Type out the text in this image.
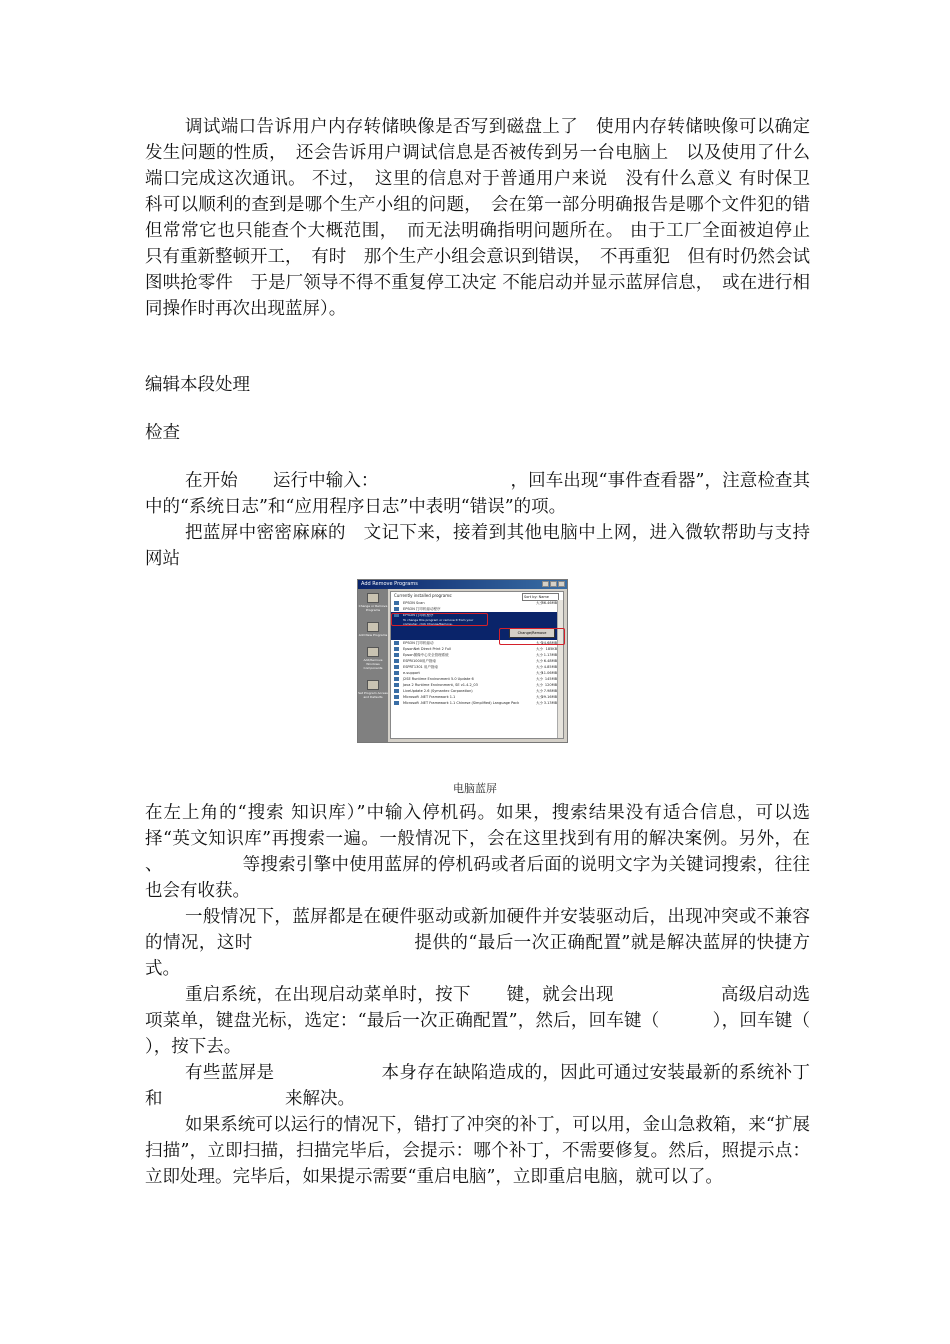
调试端口告诉用户内存转储映像是否写到磁盘上了　使用内存转储映像可以确定发生问题的性质，　还会告诉用户调试信息是否被传到另一台电脑上　以及使用了什么端口完成这次通讯。 不过，　这里的信息对于普通用户来说　没有什么意义 有时保卫科可以顺利的查到是哪个生产小组的问题，　会在第一部分明确报告是哪个文件犯的错　但常常它也只能查个大概范围，　而无法明确指明问题所在。 由于工厂全面被迫停止　只有重新整顿开工，　有时　那个生产小组会意识到错误，　不再重犯　但有时仍然会试图哄抢零件　于是厂领导不得不重复停工决定 不能启动并显示蓝屏信息，　或在进行相同操作时再次出现蓝屏）。

编辑本段处理

检查

在开始　　运行中输入：　　　　　　　　，回车出现“事件查看器”，注意检查其中的“系统日志”和“应用程序日志”中表明“错误”的项。

把蓝屏中密密麻麻的　文记下来，接着到其他电脑中上网，进入微软帮助与支持网站

Add Remove Programs
Change or Remove Programs
Add New Programs
Add/Remove Windows Components
Set Program Access and Defaults
Currently installed programs:	Sort by: Name
EPSON Scan	大小
36.46MB
EPSON 打印机驱动程序
EPSON 打印机程序
To change this program or remove it from your computer, click Change/Remove.
Change/Remove
EPSON 打印机驱动	大小
24.68MB
EpsonNet Direct Print 2 Full	大小 185KB
Epson图像中心安全管理系统	大小 1.13MB
ESPRI1000用户指南	大小 6.48MB
ESPRT1301 用户指南	大小 4.85MB
e-support	大小
11.06MB
J2SE Runtime Environment 5.0 Update 6	大小 145MB
Java 2 Runtime Environment, SE v1.4.2_03	大小 120MB
LiveUpdate 2.6 (Symantec Corporation)	大小 7.98MB
Microsoft .NET Framework 1.1	大小
29.16MB
Microsoft .NET Framework 1.1 Chinese (Simplified) Language Pack	大小 3.13MB
电脑蓝屏

在左上角的“搜索 知识库）”中输入停机码。如果，搜索结果没有适合信息，可以选择“英文知识库”再搜索一遍。一般情况下，会在这里找到有用的解决案例。另外，在　　　　、　　　　　等搜索引擎中使用蓝屏的停机码或者后面的说明文字为关键词搜索，往往也会有收获。

一般情况下，蓝屏都是在硬件驱动或新加硬件并安装驱动后，出现冲突或不兼容的情况，这时　　　　　　　　　提供的“最后一次正确配置”就是解决蓝屏的快捷方式。

重启系统，在出现启动菜单时，按下　　键，就会出现　　　　　　高级启动选项菜单，键盘光标，选定：“最后一次正确配置”，然后，回车键（　　　），回车键（　　　），按下去。

有些蓝屏是　　　　　　本身存在缺陷造成的，因此可通过安装最新的系统补丁和　　　　　　　来解决。

如果系统可以运行的情况下，错打了冲突的补丁，可以用，金山急救箱，来“扩展扫描”，立即扫描，扫描完毕后，会提示：哪个补丁，不需要修复。然后，照提示点：立即处理。完毕后，如果提示需要“重启电脑”，立即重启电脑，就可以了。
